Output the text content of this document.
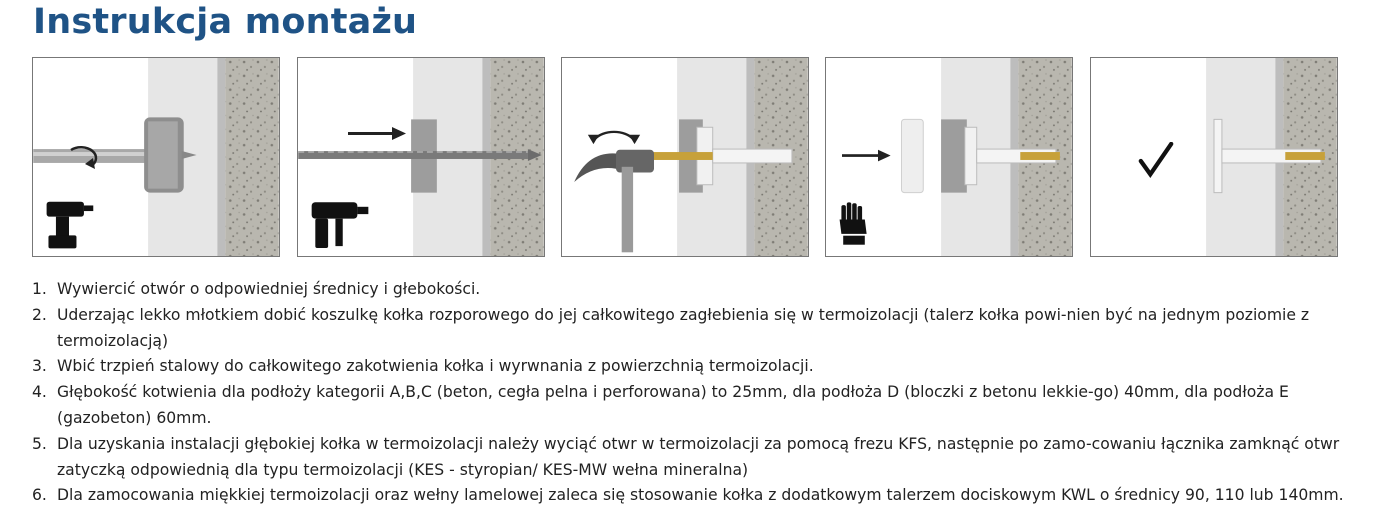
Instrukcja montażu
1. Wywiercić otwór o odpowiedniej średnicy i głebokości.
2. Uderzając lekko młotkiem dobić koszulkę kołka rozporowego do jej całkowitego zagłebienia się w termoizolacji (talerz kołka powi-nien być na jednym poziomie z termoizolacją)
3. Wbić trzpień stalowy do całkowitego zakotwienia kołka i wyrwnania z powierzchnią termoizolacji.
4. Głębokość kotwienia dla podłoży kategorii A,B,C (beton, cegła pelna i perforowana) to 25mm, dla podłoża D (bloczki z betonu lekkie-go) 40mm, dla podłoża E (gazobeton) 60mm.
5. Dla uzyskania instalacji głębokiej kołka w termoizolacji należy wyciąć otwr w termoizolacji za pomocą frezu KFS, następnie po zamo-cowaniu łącznika zamknąć otwr zatyczką odpowiednią dla typu termoizolacji (KES - styropian/ KES-MW wełna mineralna)
6. Dla zamocowania miękkiej termoizolacji oraz wełny lamelowej zaleca się stosowanie kołka z dodatkowym talerzem dociskowym KWL o średnicy 90, 110 lub 140mm.
